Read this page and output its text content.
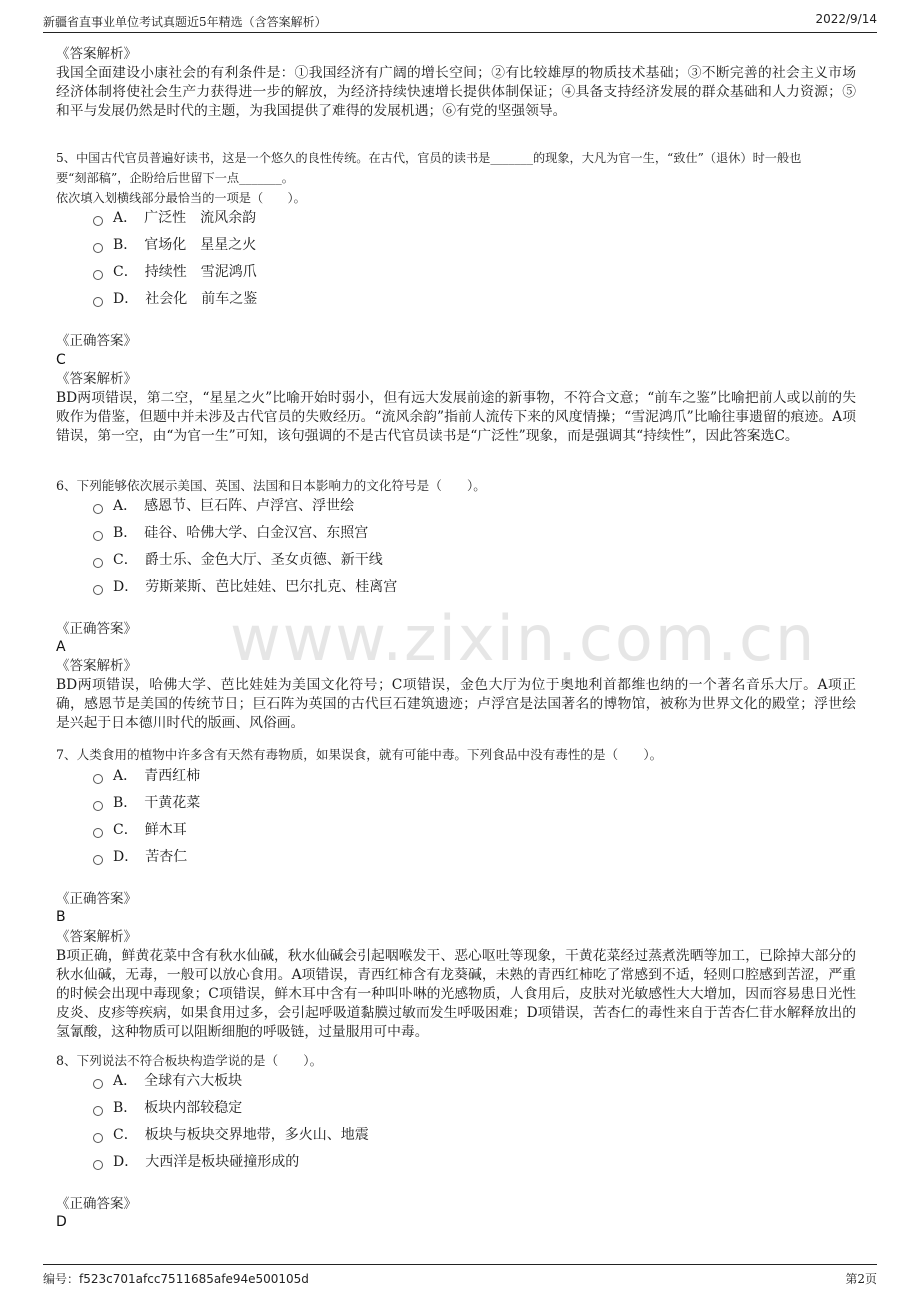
新疆省直事业单位考试真题近5年精选（含答案解析）	2022/9/14
www.zixin.com.cn
《答案解析》
我国全面建设小康社会的有利条件是：①我国经济有广阔的增长空间；②有比较雄厚的物质技术基础；③不断完善的社会主义市场经济体制将使社会生产力获得进一步的解放，为经济持续快速增长提供体制保证；④具备支持经济发展的群众基础和人力资源；⑤和平与发展仍然是时代的主题，为我国提供了难得的发展机遇；⑥有党的坚强领导。
5、中国古代官员普遍好读书，这是一个悠久的良性传统。在古代，官员的读书是_______的现象，大凡为官一生，“致仕”（退休）时一般也
要“刻部稿”，企盼给后世留下一点_______。
依次填入划横线部分最恰当的一项是（　　）。
A．　广泛性　流风余韵
B．　官场化　星星之火
C．　持续性　雪泥鸿爪
D．　社会化　前车之鉴
《正确答案》
C
《答案解析》
BD两项错误，第二空，“星星之火”比喻开始时弱小，但有远大发展前途的新事物，不符合文意；“前车之鉴”比喻把前人或以前的失败作为借鉴，但题中并未涉及古代官员的失败经历。“流风余韵”指前人流传下来的风度情操；“雪泥鸿爪”比喻往事遗留的痕迹。A项错误，第一空，由“为官一生”可知，该句强调的不是古代官员读书是“广泛性”现象，而是强调其“持续性”，因此答案选C。
6、下列能够依次展示美国、英国、法国和日本影响力的文化符号是（　　）。
A．　感恩节、巨石阵、卢浮宫、浮世绘
B．　硅谷、哈佛大学、白金汉宫、东照宫
C．　爵士乐、金色大厅、圣女贞德、新干线
D．　劳斯莱斯、芭比娃娃、巴尔扎克、桂离宫
《正确答案》
A
《答案解析》
BD两项错误，哈佛大学、芭比娃娃为美国文化符号；C项错误，金色大厅为位于奥地利首都维也纳的一个著名音乐大厅。A项正确，感恩节是美国的传统节日；巨石阵为英国的古代巨石建筑遗迹；卢浮宫是法国著名的博物馆，被称为世界文化的殿堂；浮世绘是兴起于日本德川时代的版画、风俗画。
7、人类食用的植物中许多含有天然有毒物质，如果误食，就有可能中毒。下列食品中没有毒性的是（　　）。
A．　青西红柿
B．　干黄花菜
C．　鲜木耳
D．　苦杏仁
《正确答案》
B
《答案解析》
B项正确，鲜黄花菜中含有秋水仙碱，秋水仙碱会引起咽喉发干、恶心呕吐等现象，干黄花菜经过蒸煮洗晒等加工，已除掉大部分的秋水仙碱，无毒，一般可以放心食用。A项错误，青西红柿含有龙葵碱，未熟的青西红柿吃了常感到不适，轻则口腔感到苦涩，严重的时候会出现中毒现象；C项错误，鲜木耳中含有一种叫卟啉的光感物质，人食用后，皮肤对光敏感性大大增加，因而容易患日光性皮炎、皮疹等疾病，如果食用过多，会引起呼吸道黏膜过敏而发生呼吸困难；D项错误，苦杏仁的毒性来自于苦杏仁苷水解释放出的氢氰酸，这种物质可以阻断细胞的呼吸链，过量服用可中毒。
8、下列说法不符合板块构造学说的是（　　）。
A．　全球有六大板块
B．　板块内部较稳定
C．　板块与板块交界地带，多火山、地震
D．　大西洋是板块碰撞形成的
《正确答案》
D
编号：f523c701afcc7511685afe94e500105d	第2页
